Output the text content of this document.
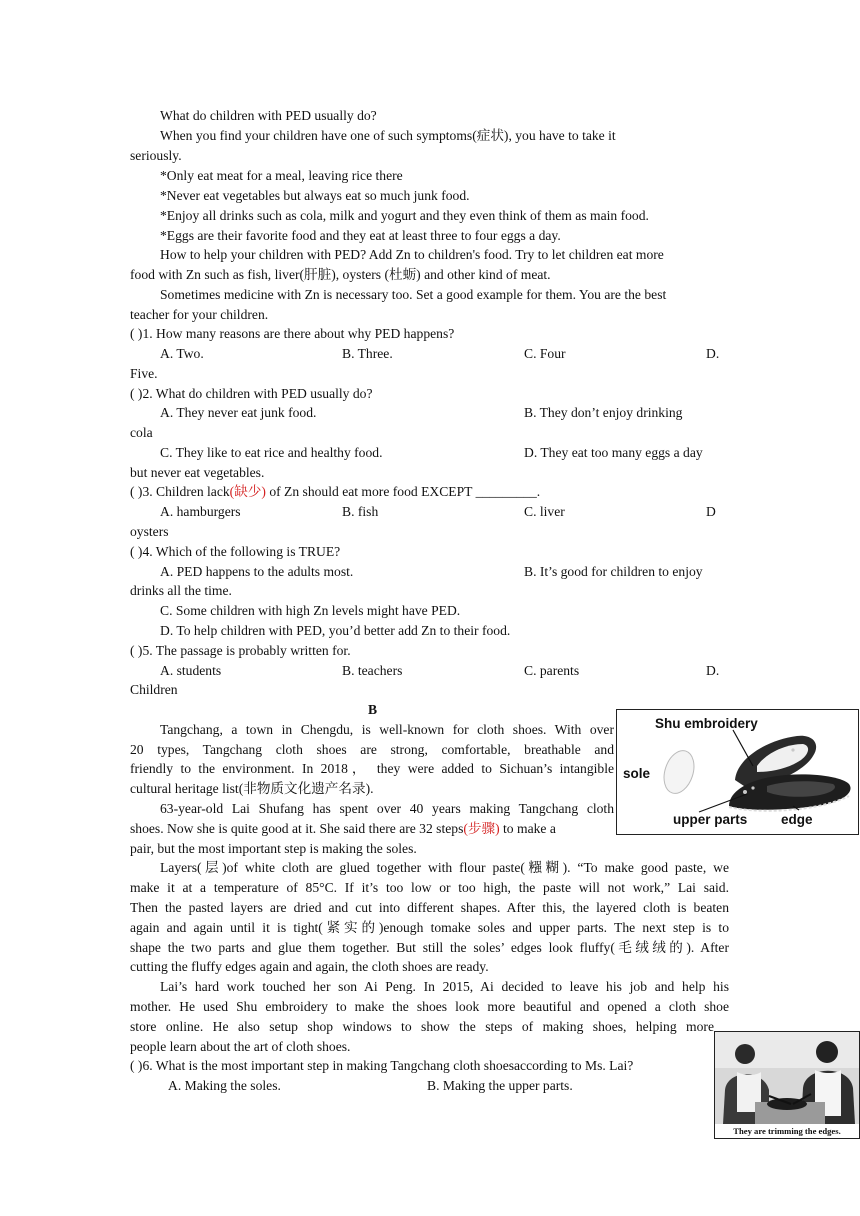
What do children with PED usually do?
When you find your children have one of such symptoms(症状), you have to take it
seriously.
*Only eat meat for a meal, leaving rice there
*Never eat vegetables but always eat so much junk food.
*Enjoy all drinks such as cola, milk and yogurt and they even think of them as main food.
*Eggs are their favorite food and they eat at least three to four eggs a day.
How to help your children with PED? Add Zn to children's food. Try to let children eat more
food with Zn such as fish, liver(肝脏), oysters (杜蛎) and other kind of meat.
Sometimes medicine with Zn is necessary too. Set a good example for them. You are the best
teacher for your children.
( )1. How many reasons are there about why PED happens?
A. Two.	B. Three.	C. Four	D.
Five.
( )2. What do children with PED usually do?
A. They never eat junk food.	B. They don’t enjoy drinking
cola
C. They like to eat rice and healthy food.	D. They eat too many eggs a day
but never eat vegetables.
( )3. Children lack(缺少) of Zn should eat more food EXCEPT _________.
A. hamburgers	B. fish	C. liver	D
oysters
( )4. Which of the following is TRUE?
A. PED happens to the adults most.	B. It’s good for children to enjoy
drinks all the time.
C. Some children with high Zn levels might have PED.
D. To help children with PED, you’d better add Zn to their food.
( )5. The passage is probably written for.
A. students	B. teachers	C. parents	D.
Children
B
Tangchang, a town in Chengdu, is well-known for cloth shoes. With over
20 types, Tangchang cloth shoes are strong, comfortable, breathable and
friendly to the environment. In 2018， they were added to Sichuan’s intangible
cultural heritage list(非物质文化遗产名录).
63-year-old Lai Shufang has spent over 40 years making Tangchang cloth
shoes. Now she is quite good at it. She said there are 32 steps(步骤) to make a
pair, but the most important step is making the soles.
Layers(层)of white cloth are glued together with flour paste(糨糊). “To make good paste, we
make it at a temperature of 85°C. If it’s too low or too high, the paste will not work,” Lai said.
Then the pasted layers are dried and cut into different shapes. After this, the layered cloth is beaten
again and again until it is tight(紧实的)enough tomake soles and upper parts. The next step is to
shape the two parts and glue them together. But still the soles’ edges look fluffy(毛绒绒的). After
cutting the fluffy edges again and again, the cloth shoes are ready.
Lai’s hard work touched her son Ai Peng. In 2015, Ai decided to leave his job and help his
mother. He used Shu embroidery to make the shoes look more beautiful and opened a cloth shoe
store online. He also setup shop windows to show the steps of making shoes, helping more
people learn about the art of cloth shoes.
( )6. What is the most important step in making Tangchang cloth shoesaccording to Ms. Lai?
A. Making the soles.	B. Making the upper parts.
Shu embroidery
sole
upper parts edge
They are trimming the edges.
